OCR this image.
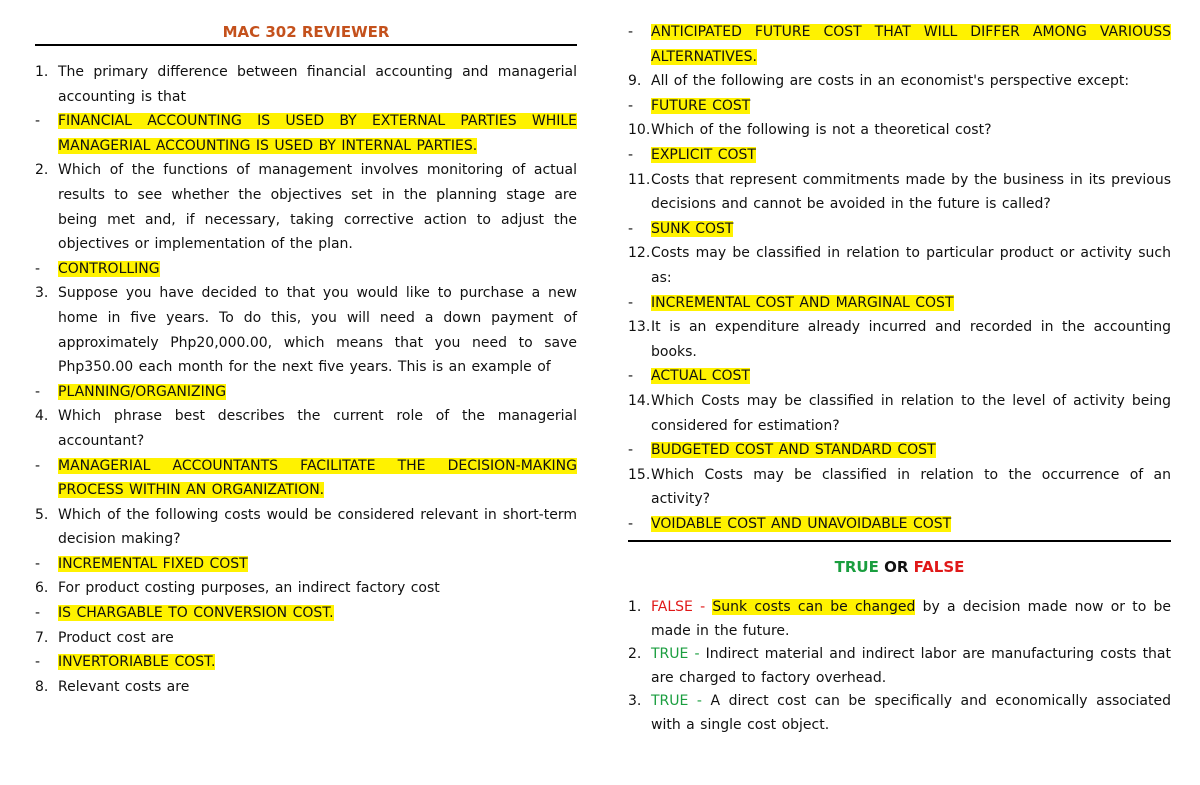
MAC 302 REVIEWER
1. The primary difference between financial accounting and managerial accounting is that
-	FINANCIAL ACCOUNTING IS USED BY EXTERNAL PARTIES WHILE MANAGERIAL ACCOUNTING IS USED BY INTERNAL PARTIES.
2. Which of the functions of management involves monitoring of actual results to see whether the objectives set in the planning stage are being met and, if necessary, taking corrective action to adjust the objectives or implementation of the plan.
-	CONTROLLING
3. Suppose you have decided to that you would like to purchase a new home in five years. To do this, you will need a down payment of approximately Php20,000.00, which means that you need to save Php350.00 each month for the next five years. This is an example of
-	PLANNING/ORGANIZING
4. Which phrase best describes the current role of the managerial accountant?
-	MANAGERIAL ACCOUNTANTS FACILITATE THE DECISION-MAKING PROCESS WITHIN AN ORGANIZATION.
5. Which of the following costs would be considered relevant in short-term decision making?
-	INCREMENTAL FIXED COST
6. For product costing purposes, an indirect factory cost
-	IS CHARGABLE TO CONVERSION COST.
7. Product cost are
-	INVERTORIABLE COST.
8. Relevant costs are
-	ANTICIPATED FUTURE COST THAT WILL DIFFER AMONG VARIOUSS ALTERNATIVES.
9. All of the following are costs in an economist's perspective except:
-	FUTURE COST
10. Which of the following is not a theoretical cost?
-	EXPLICIT COST
11. Costs that represent commitments made by the business in its previous decisions and cannot be avoided in the future is called?
-	SUNK COST
12. Costs may be classified in relation to particular product or activity such as:
-	INCREMENTAL COST AND MARGINAL COST
13. It is an expenditure already incurred and recorded in the accounting books.
-	ACTUAL COST
14. Which Costs may be classified in relation to the level of activity being considered for estimation?
-	BUDGETED COST AND STANDARD COST
15. Which Costs may be classified in relation to the occurrence of an activity?
-	VOIDABLE COST AND UNAVOIDABLE COST
TRUE OR FALSE
1. FALSE - Sunk costs can be changed by a decision made now or to be made in the future.
2. TRUE - Indirect material and indirect labor are manufacturing costs that are charged to factory overhead.
3. TRUE - A direct cost can be specifically and economically associated with a single cost object.
